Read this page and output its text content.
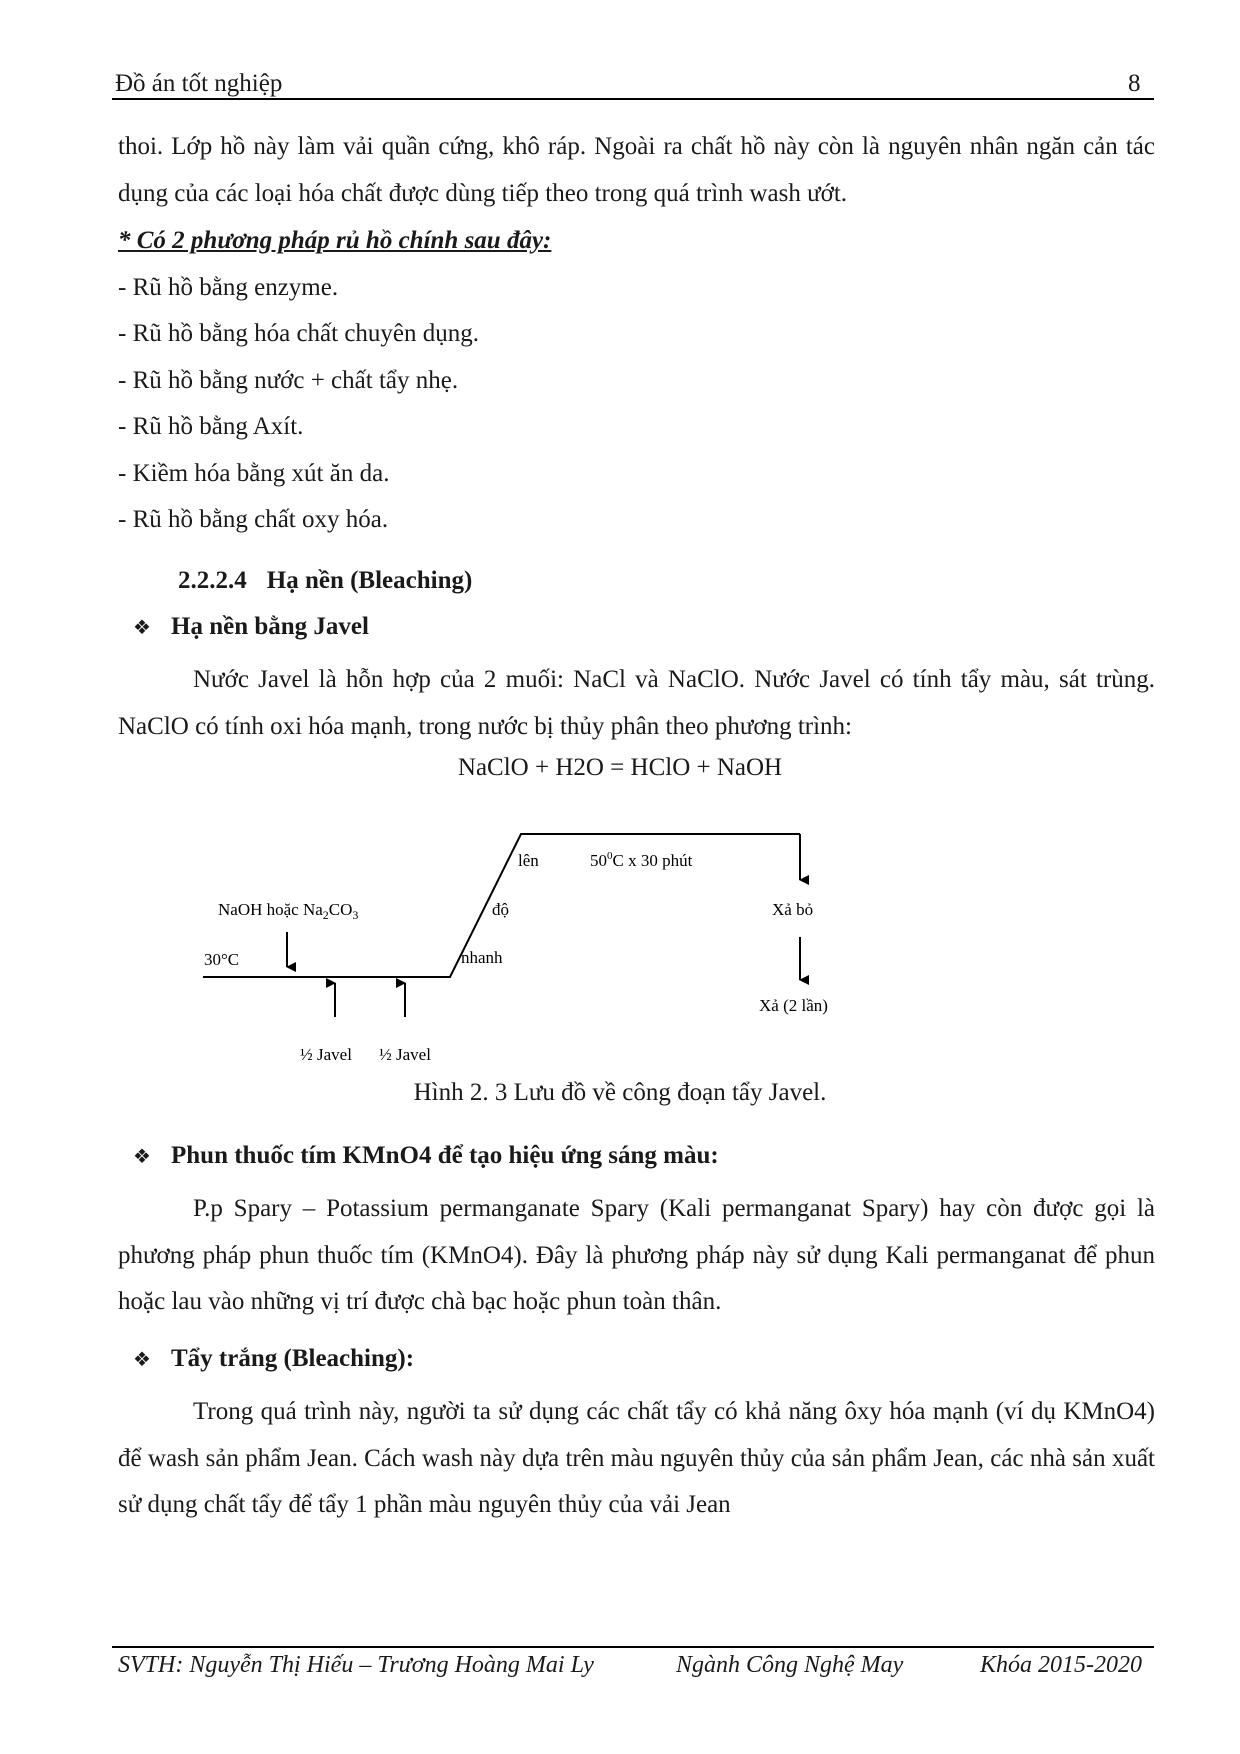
Đồ án tốt nghiệp	8

thoi. Lớp hồ này làm vải quần cứng, khô ráp. Ngoài ra chất hồ này còn là nguyên nhân ngăn cản tác dụng của các loại hóa chất được dùng tiếp theo trong quá trình wash ướt.

* Có 2 phương pháp rủ hồ chính sau đây:
- Rũ hồ bằng enzyme.
- Rũ hồ bằng hóa chất chuyên dụng.
- Rũ hồ bằng nước + chất tẩy nhẹ.
- Rũ hồ bằng Axít.
- Kiềm hóa bằng xút ăn da.
- Rũ hồ bằng chất oxy hóa.
2.2.2.4 Hạ nền (Bleaching)
❖ Hạ nền bằng Javel

Nước Javel là hỗn hợp của 2 muối: NaCl và NaClO. Nước Javel có tính tẩy màu, sát trùng. NaClO có tính oxi hóa mạnh, trong nước bị thủy phân theo phương trình:

NaClO + H2O = HClO + NaOH
30°C
NaOH hoặc $Na_2CO_3$
lên
độ
nhanh
$50^0C$ x 30 phút
Xả bỏ
Xả (2 lần)
½ Javel ½ Javel
Hình 2. 3 Lưu đồ về công đoạn tẩy Javel.
❖ Phun thuốc tím KMnO4 để tạo hiệu ứng sáng màu:

P.p Spary – Potassium permanganate Spary (Kali permanganat Spary) hay còn được gọi là phương pháp phun thuốc tím (KMnO4). Đây là phương pháp này sử dụng Kali permanganat để phun hoặc lau vào những vị trí được chà bạc hoặc phun toàn thân.

❖ Tẩy trắng (Bleaching):

Trong quá trình này, người ta sử dụng các chất tẩy có khả năng ôxy hóa mạnh (ví dụ KMnO4) để wash sản phẩm Jean. Cách wash này dựa trên màu nguyên thủy của sản phẩm Jean, các nhà sản xuất sử dụng chất tẩy để tẩy 1 phần màu nguyên thủy của vải Jean

SVTH: Nguyễn Thị Hiếu – Trương Hoàng Mai Ly	Ngành Công Nghệ May	Khóa 2015-2020
